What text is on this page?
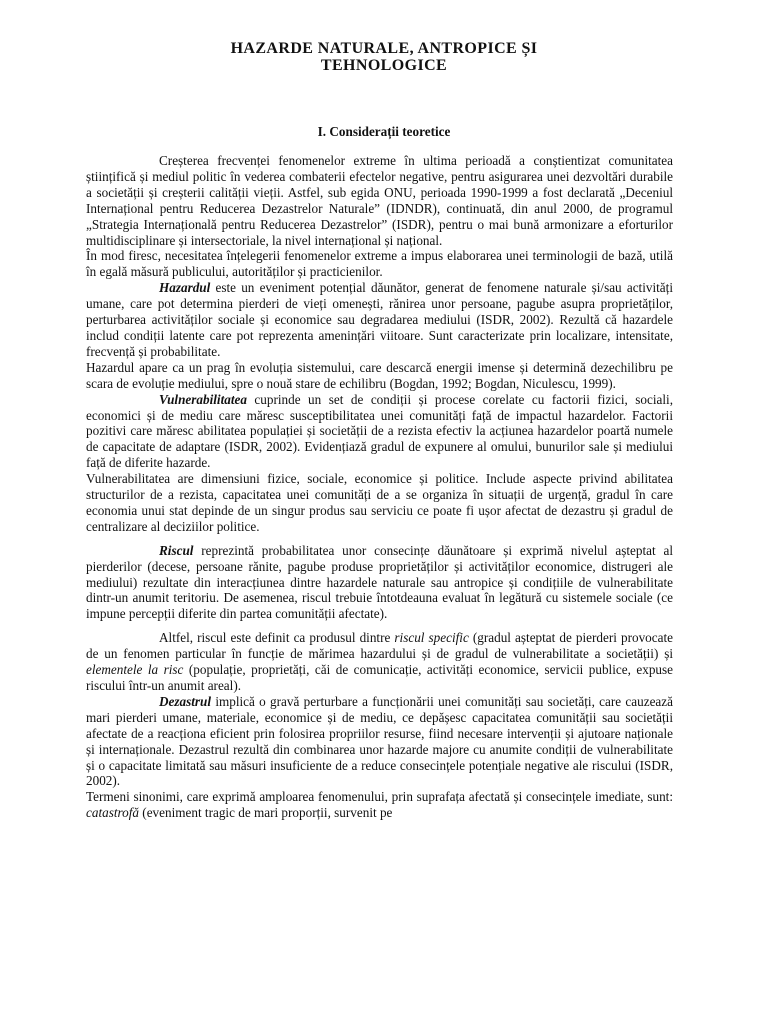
HAZARDE NATURALE, ANTROPICE ȘI
TEHNOLOGICE
I. Considerații teoretice

Creșterea frecvenței fenomenelor extreme în ultima perioadă a conștientizat comunitatea științifică și mediul politic în vederea combaterii efectelor negative, pentru asigurarea unei dezvoltări durabile a societății și creșterii calității vieții. Astfel, sub egida ONU, perioada 1990-1999 a fost declarată „Deceniul Internațional pentru Reducerea Dezastrelor Naturale” (IDNDR), continuată, din anul 2000, de programul „Strategia Internațională pentru Reducerea Dezastrelor” (ISDR), pentru o mai bună armonizare a eforturilor multidisciplinare și intersectoriale, la nivel internațional și național.

În mod firesc, necesitatea înțelegerii fenomenelor extreme a impus elaborarea unei terminologii de bază, utilă în egală măsură publicului, autorităților și practicienilor.

Hazardul este un eveniment potențial dăunător, generat de fenomene naturale și/sau activități umane, care pot determina pierderi de vieți omenești, rănirea unor persoane, pagube asupra proprietăților, perturbarea activităților sociale și economice sau degradarea mediului (ISDR, 2002). Rezultă că hazardele includ condiții latente care pot reprezenta amenințări viitoare. Sunt caracterizate prin localizare, intensitate, frecvență și probabilitate.

Hazardul apare ca un prag în evoluția sistemului, care descarcă energii imense și determină dezechilibru pe scara de evoluție mediului, spre o nouă stare de echilibru (Bogdan, 1992; Bogdan, Niculescu, 1999).

Vulnerabilitatea cuprinde un set de condiții și procese corelate cu factorii fizici, sociali, economici și de mediu care măresc susceptibilitatea unei comunități față de impactul hazardelor. Factorii pozitivi care măresc abilitatea populației și societății de a rezista efectiv la acțiunea hazardelor poartă numele de capacitate de adaptare (ISDR, 2002). Evidențiază gradul de expunere al omului, bunurilor sale și mediului față de diferite hazarde.

Vulnerabilitatea are dimensiuni fizice, sociale, economice și politice. Include aspecte privind abilitatea structurilor de a rezista, capacitatea unei comunități de a se organiza în situații de urgență, gradul în care economia unui stat depinde de un singur produs sau serviciu ce poate fi ușor afectat de dezastru și gradul de centralizare al deciziilor politice.

Riscul reprezintă probabilitatea unor consecințe dăunătoare și exprimă nivelul așteptat al pierderilor (decese, persoane rănite, pagube produse proprietăților și activităților economice, distrugeri ale mediului) rezultate din interacțiunea dintre hazardele naturale sau antropice și condițiile de vulnerabilitate dintr-un anumit teritoriu. De asemenea, riscul trebuie întotdeauna evaluat în legătură cu sistemele sociale (ce impune percepții diferite din partea comunității afectate).

Altfel, riscul este definit ca produsul dintre riscul specific (gradul așteptat de pierderi provocate de un fenomen particular în funcție de mărimea hazardului și de gradul de vulnerabilitate a societății) și elementele la risc (populație, proprietăți, căi de comunicație, activități economice, servicii publice, expuse riscului într-un anumit areal).

Dezastrul implică o gravă perturbare a funcționării unei comunități sau societăți, care cauzează mari pierderi umane, materiale, economice și de mediu, ce depășesc capacitatea comunității sau societății afectate de a reacționa eficient prin folosirea propriilor resurse, fiind necesare intervenții și ajutoare naționale și internaționale. Dezastrul rezultă din combinarea unor hazarde majore cu anumite condiții de vulnerabilitate și o capacitate limitată sau măsuri insuficiente de a reduce consecințele potențiale negative ale riscului (ISDR, 2002).

Termeni sinonimi, care exprimă amploarea fenomenului, prin suprafața afectată și consecințele imediate, sunt: catastrofă (eveniment tragic de mari proporții, survenit pe
